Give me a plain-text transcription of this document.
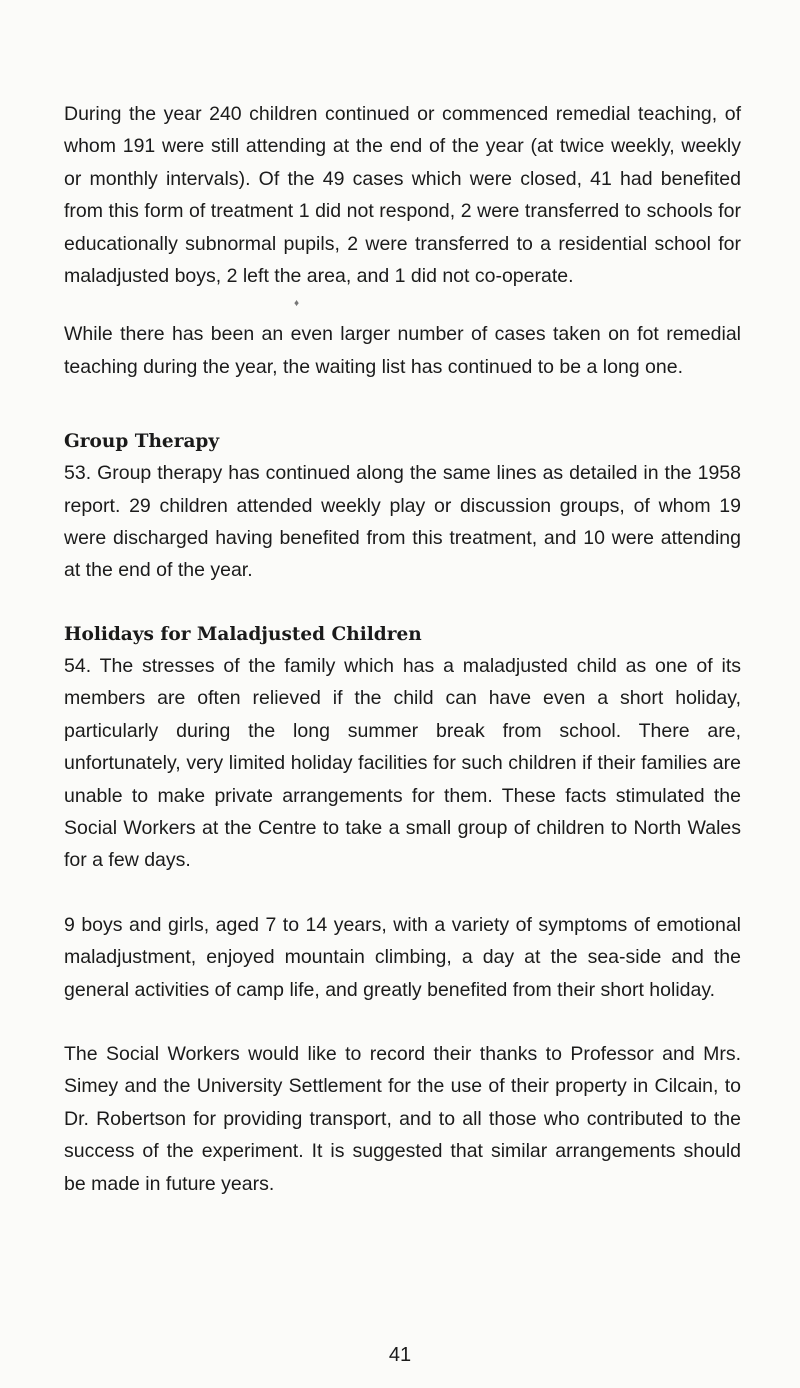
During the year 240 children continued or commenced remedial teaching, of whom 191 were still attending at the end of the year (at twice weekly, weekly or monthly intervals). Of the 49 cases which were closed, 41 had benefited from this form of treatment 1 did not respond, 2 were transferred to schools for educationally subnormal pupils, 2 were transferred to a residential school for maladjusted boys, 2 left the area, and 1 did not co-operate.

♦

While there has been an even larger number of cases taken on fot remedial teaching during the year, the waiting list has continued to be a long one.

Group Therapy

53. Group therapy has continued along the same lines as detailed in the 1958 report. 29 children attended weekly play or discussion groups, of whom 19 were discharged having benefited from this treatment, and 10 were attending at the end of the year.

Holidays for Maladjusted Children

54. The stresses of the family which has a maladjusted child as one of its members are often relieved if the child can have even a short holiday, particularly during the long summer break from school. There are, unfortunately, very limited holiday facilities for such children if their families are unable to make private arrangements for them. These facts stimulated the Social Workers at the Centre to take a small group of children to North Wales for a few days.

9 boys and girls, aged 7 to 14 years, with a variety of symptoms of emotional maladjustment, enjoyed mountain climbing, a day at the sea-side and the general activities of camp life, and greatly benefited from their short holiday.

The Social Workers would like to record their thanks to Professor and Mrs. Simey and the University Settlement for the use of their property in Cilcain, to Dr. Robertson for providing transport, and to all those who contributed to the success of the experiment. It is suggested that similar arrangements should be made in future years.

41
